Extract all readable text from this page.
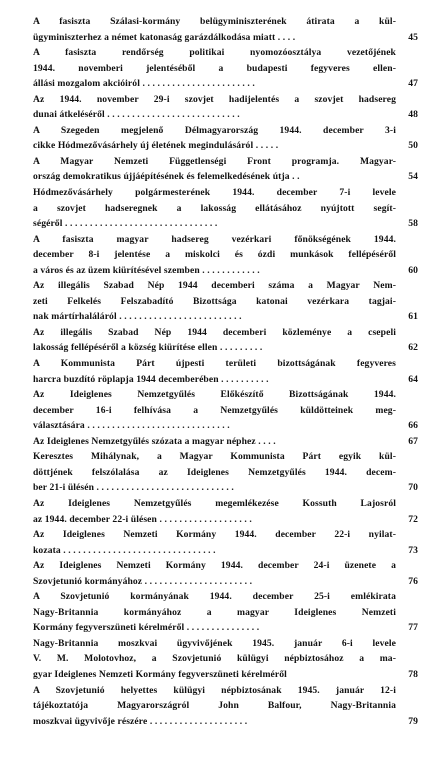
A fasiszta Szálasi-kormány belügyminiszterének átirata a kül-
ügyminiszterhez a német katonaság garázdálkodása miatt . . . .	45
A fasiszta rendőrség politikai nyomozóosztálya vezetőjének
1944. novemberi jelentéséből a budapesti fegyveres ellen-
állási mozgalom akcióiról . . . . . . . . . . . . . . . . . . . . . . .	47
Az 1944. november 29-i szovjet hadijelentés a szovjet hadsereg
dunai átkeléséről . . . . . . . . . . . . . . . . . . . . . . . . . . .	48
A Szegeden megjelenő Délmagyarország 1944. december 3-i
cikke Hódmezővásárhely új életének megindulásáról . . . . .	50
A Magyar Nemzeti Függetlenségi Front programja. Magyar-
ország demokratikus újjáépítésének és felemelkedésének útja . .	54
Hódmezővásárhely polgármesterének 1944. december 7-i levele
a szovjet hadseregnek a lakosság ellátásához nyújtott segít-
ségéről . . . . . . . . . . . . . . . . . . . . . . . . . . . . . . .	58
A fasiszta magyar hadsereg vezérkari főnökségének 1944.
december 8-i jelentése a miskolci és ózdi munkások fellépéséről
a város és az üzem kiürítésével szemben . . . . . . . . . . . .	60
Az illegális Szabad Nép 1944 decemberi száma a Magyar Nem-
zeti Felkelés Felszabadító Bizottsága katonai vezérkara tagjai-
nak mártírhaláláról . . . . . . . . . . . . . . . . . . . . . . . . .	61
Az illegális Szabad Nép 1944 decemberi közleménye a csepeli
lakosság fellépéséről a község kiürítése ellen . . . . . . . . .	62
A Kommunista Párt újpesti területi bizottságának fegyveres
harcra buzdító röplapja 1944 decemberében . . . . . . . . . .	64
Az Ideiglenes Nemzetgyűlés Előkészítő Bizottságának 1944.
december 16-i felhívása a Nemzetgyűlés küldötteinek meg-
választására . . . . . . . . . . . . . . . . . . . . . . . . . . . . .	66
Az Ideiglenes Nemzetgyűlés szózata a magyar néphez . . . .	67
Keresztes Mihálynak, a Magyar Kommunista Párt egyik kül-
döttjének felszólalása az Ideiglenes Nemzetgyűlés 1944. decem-
ber 21-i ülésén . . . . . . . . . . . . . . . . . . . . . . . . . . . .	70
Az Ideiglenes Nemzetgyűlés megemlékezése Kossuth Lajosról
az 1944. december 22-i ülésen . . . . . . . . . . . . . . . . . . .	72
Az Ideiglenes Nemzeti Kormány 1944. december 22-i nyilat-
kozata . . . . . . . . . . . . . . . . . . . . . . . . . . . . . . .	73
Az Ideiglenes Nemzeti Kormány 1944. december 24-i üzenete a
Szovjetunió kormányához . . . . . . . . . . . . . . . . . . . . . .	76
A Szovjetunió kormányának 1944. december 25-i emlékirata
Nagy-Britannia kormányához a magyar Ideiglenes Nemzeti
Kormány fegyverszüneti kérelméről . . . . . . . . . . . . . . .	77
Nagy-Britannia moszkvai ügyvivőjének 1945. január 6-i levele
V. M. Molotovhoz, a Szovjetunió külügyi népbiztosához a ma-
gyar Ideiglenes Nemzeti Kormány fegyverszüneti kérelméről	78
A Szovjetunió helyettes külügyi népbiztosának 1945. január 12-i
tájékoztatója Magyarországról John Balfour, Nagy-Britannia
moszkvai ügyvivője részére . . . . . . . . . . . . . . . . . . . .	79
